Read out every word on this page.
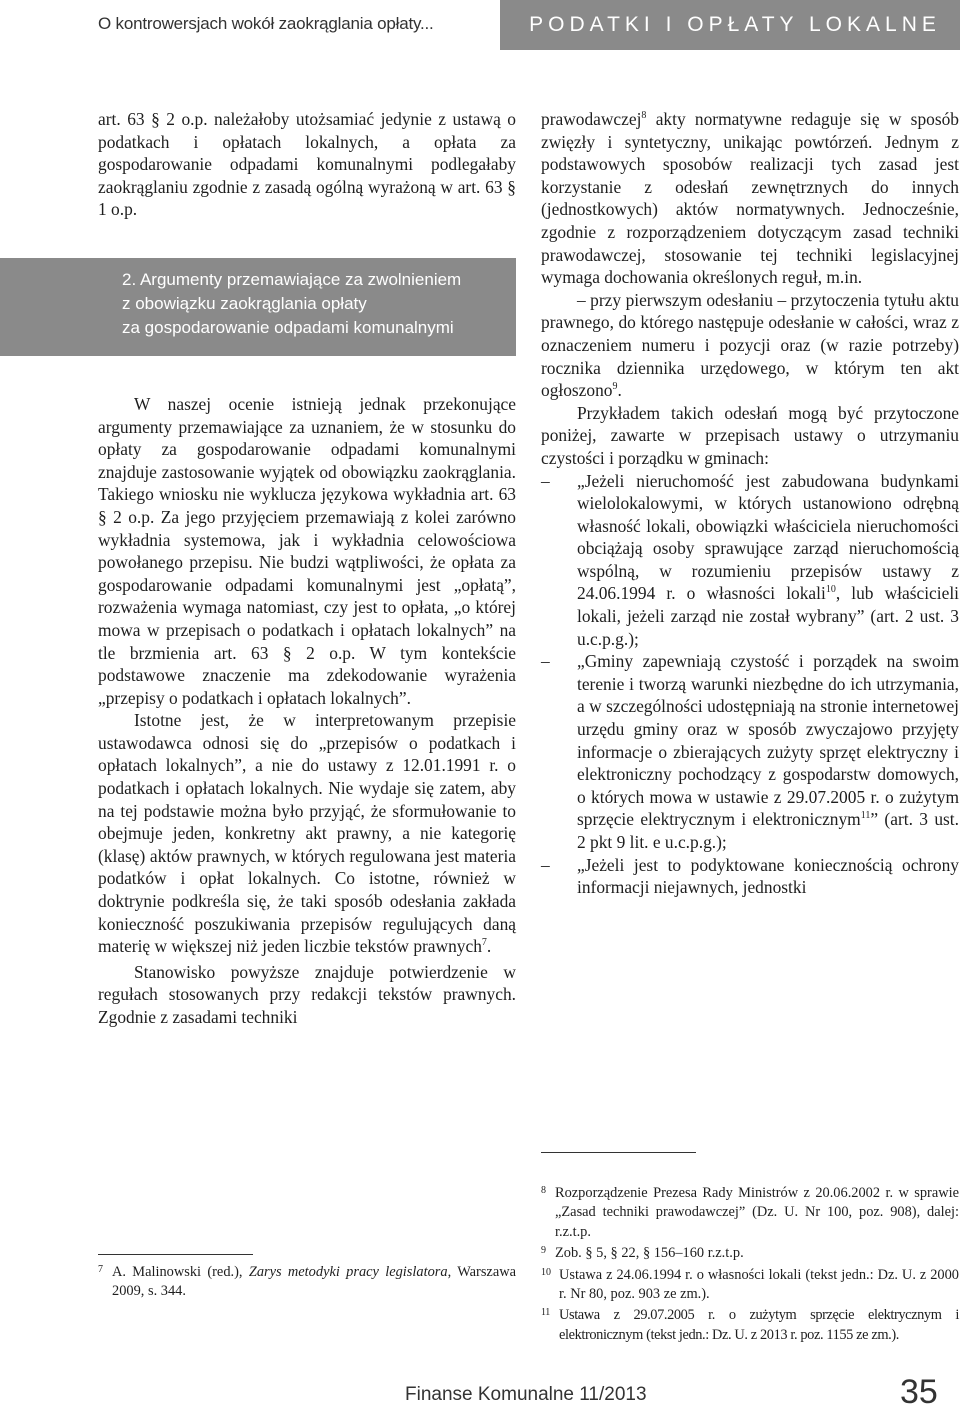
O kontrowersjach wokół zaokrąglania opłaty...	PODATKI I OPŁATY LOKALNE

art. 63 § 2 o.p. należałoby utożsamiać jedynie z ustawą o podatkach i opłatach lokalnych, a opłata za gospodarowanie odpadami komunalnymi podlegałaby zaokrąglaniu zgodnie z zasadą ogólną wyrażoną w art. 63 § 1 o.p.

W naszej ocenie istnieją jednak przekonujące argumenty przemawiające za uznaniem, że w stosunku do opłaty za gospodarowanie odpadami komunalnymi znajduje zastosowanie wyjątek od obowiązku zaokrąglania. Takiego wniosku nie wyklucza językowa wykładnia art. 63 § 2 o.p. Za jego przyjęciem przemawiają z kolei zarówno wykładnia systemowa, jak i wykładnia celowościowa powołanego przepisu. Nie budzi wątpliwości, że opłata za gospodarowanie odpadami komunalnymi jest „opłatą”, rozważenia wymaga natomiast, czy jest to opłata, „o której mowa w przepisach o podatkach i opłatach lokalnych” na tle brzmienia art. 63 § 2 o.p. W tym kontekście podstawowe znaczenie ma zdekodowanie wyrażenia „przepisy o podatkach i opłatach lokalnych”.

Istotne jest, że w interpretowanym przepisie ustawodawca odnosi się do „przepisów o podatkach i opłatach lokalnych”, a nie do ustawy z 12.01.1991 r. o podatkach i opłatach lokalnych. Nie wydaje się zatem, aby na tej podstawie można było przyjąć, że sformułowanie to obejmuje jeden, konkretny akt prawny, a nie kategorię (klasę) aktów prawnych, w których regulowana jest materia podatków i opłat lokalnych. Co istotne, również w doktrynie podkreśla się, że taki sposób odesłania zakłada konieczność poszukiwania przepisów regulujących daną materię w większej niż jeden liczbie tekstów prawnych$^7$.

Stanowisko powyższe znajduje potwierdzenie w regułach stosowanych przy redakcji tekstów prawnych. Zgodnie z zasadami techniki

2. Argumenty przemawiające za zwolnieniem
z obowiązku zaokrąglania opłaty
za gospodarowanie odpadami komunalnymi

prawodawczej$^8$ akty normatywne redaguje się w sposób zwięzły i syntetyczny, unikając powtórzeń. Jednym z podstawowych sposobów realizacji tych zasad jest korzystanie z odesłań zewnętrznych do innych (jednostkowych) aktów normatywnych. Jednocześnie, zgodnie z rozporządzeniem dotyczącym zasad techniki prawodawczej, stosowanie tej techniki legislacyjnej wymaga dochowania określonych reguł, m.in.

– przy pierwszym odesłaniu – przytoczenia tytułu aktu prawnego, do którego następuje odesłanie w całości, wraz z oznaczeniem numeru i pozycji oraz (w razie potrzeby) rocznika dziennika urzędowego, w którym ten akt ogłoszono$^9$.

Przykładem takich odesłań mogą być przytoczone poniżej, zawarte w przepisach ustawy o utrzymaniu czystości i porządku w gminach:

– „Jeżeli nieruchomość jest zabudowana budynkami wielolokalowymi, w których ustanowiono odrębną własność lokali, obowiązki właściciela nieruchomości obciążają osoby sprawujące zarząd nieruchomością wspólną, w rozumieniu przepisów ustawy z 24.06.1994 r. o własności lokali$^{10}$, lub właścicieli lokali, jeżeli zarząd nie został wybrany” (art. 2 ust. 3 u.c.p.g.);
– „Gminy zapewniają czystość i porządek na swoim terenie i tworzą warunki niezbędne do ich utrzymania, a w szczególności udostępniają na stronie internetowej urzędu gminy oraz w sposób zwyczajowo przyjęty informacje o zbierających zużyty sprzęt elektryczny i elektroniczny pochodzący z gospodarstw domowych, o których mowa w ustawie z 29.07.2005 r. o zużytym sprzęcie elektrycznym i elektronicznym$^{11}$” (art. 3 ust. 2 pkt 9 lit. e u.c.p.g.);
– „Jeżeli jest to podyktowane koniecznością ochrony informacji niejawnych, jednostki
7 A. Malinowski (red.), Zarys metodyki pracy legislatora, Warszawa 2009, s. 344.
8 Rozporządzenie Prezesa Rady Ministrów z 20.06.2002 r. w sprawie „Zasad techniki prawodawczej” (Dz. U. Nr 100, poz. 908), dalej: r.z.t.p.
9 Zob. § 5, § 22, § 156–160 r.z.t.p.
10 Ustawa z 24.06.1994 r. o własności lokali (tekst jedn.: Dz. U. z 2000 r. Nr 80, poz. 903 ze zm.).
11 Ustawa z 29.07.2005 r. o zużytym sprzęcie elektrycznym i elektronicznym (tekst jedn.: Dz. U. z 2013 r. poz. 1155 ze zm.).
Finanse Komunalne 11/2013	35
